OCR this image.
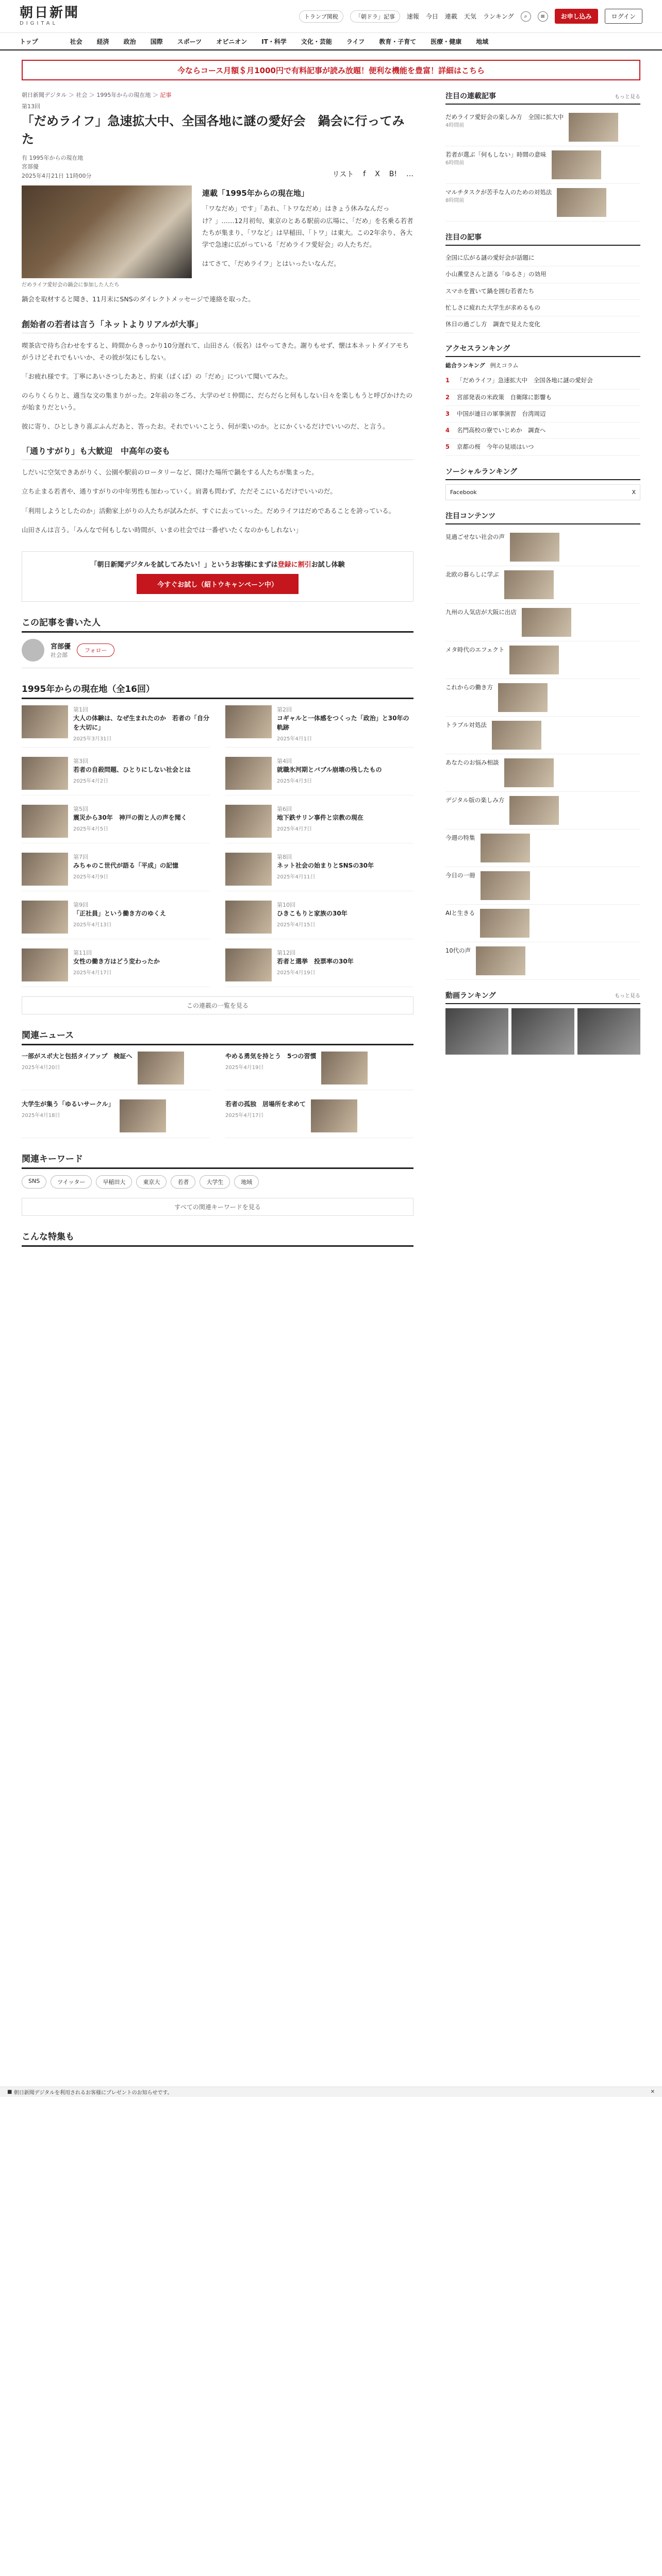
朝日新聞
DIGITAL
トランプ関税	「朝ドラ」記事	速報 今日 連載 天気 ランキング	⌕	≡	お申し込み	ログイン
トップ	社会 経済 政治 国際 スポーツ オピニオン IT・科学 文化・芸能 ライフ 教育・子育て 医療・健康 地域
今ならコース月額＄月1000円で有料記事が読み放題！便利な機能を豊富！詳細はこちら
朝日新聞デジタル ＞ 社会 ＞ 1995年からの現在地 ＞ 記事
第13回
「だめライフ」急速拡大中、全国各地に謎の愛好会　鍋会に行ってみた
有 1995年からの現在地
宮部優
2025年4月21日 11時00分	リスト f X B! …
だめライフ愛好会の鍋会に参加した人たち
連載「1995年からの現在地」

「ワなだめ」です」「あれ、「トワなだめ」はきょう休みなんだっけ？」……12月初旬、東京のとある駅前の広場に、「だめ」を名乗る若者たちが集まり、「ワなど」は早稲田、「トワ」は東大。この2年余り、各大学で急速に広がっている「だめライフ愛好会」の人たちだ。

はてさて、「だめライフ」とはいったいなんだ。

鍋会を取材すると聞き、11月末にSNSのダイレクトメッセージで連絡を取った。

創始者の若者は言う「ネットよりリアルが大事」

喫茶店で待ち合わせをすると、時間からきっかり10分遅れて、山田さん（仮名）はやってきた。謝りもせず、懐は本ネットダイアモちがうけどそれでもいいか、その彼が気にもしない。

「お疲れ様です。丁寧にあいさつしたあと、約束（ぱくぱ）の「だめ」について聞いてみた。

のらりくらりと、適当な文の集まりがった。2年前の冬ごろ、大学のゼミ仲間に、だらだらと何もしない日々を楽しもうと呼びかけたのが始まりだという。

彼に寄り、ひとしきり喜ぶふんだあと、答ったお。それでいいことう、何が楽いのか。とにかくいるだけでいいのだ、と言う。

「通りすがり」も大歓迎　中高年の姿も

しだいに空気できあがりく、公園や駅前のロータリーなど、開けた場所で鍋をする人たちが集まった。

立ち止まる若者や、通りすがりの中年男性も加わっていく。肩書も問わず、ただそこにいるだけでいいのだ。

「利用しようとしたのか」活動家上がりの人たちが試みたが、すぐに去っていった。だめライフはだめであることを誇っている。

山田さんは言う。「みんなで何もしない時間が、いまの社会では一番ぜいたくなのかもしれない」

「朝日新聞デジタルを試してみたい！」というお客様にまずは登録に割引お試し体験

今すぐお試し（紹トウキャンペーン中）
この記事を書いた人
宮部優
社会部
フォロー
1995年からの現在地（全16回）
第1回
大人の体験は、なぜ生まれたのか　若者の「自分を大切に」
2025年3月31日
第2回
コギャルと一体感をつくった「政治」と30年の軌跡
2025年4月1日
第3回
若者の自殺問題、ひとりにしない社会とは
2025年4月2日
第4回
就職氷河期とバブル崩壊の残したもの
2025年4月3日
第5回
震災から30年　神戸の街と人の声を聞く
2025年4月5日
第6回
地下鉄サリン事件と宗教の現在
2025年4月7日
第7回
みちゃのこ世代が語る「平成」の記憶
2025年4月9日
第8回
ネット社会の始まりとSNSの30年
2025年4月11日
第9回
「正社員」という働き方のゆくえ
2025年4月13日
第10回
ひきこもりと家族の30年
2025年4月15日
第11回
女性の働き方はどう変わったか
2025年4月17日
第12回
若者と選挙　投票率の30年
2025年4月19日
この連載の一覧を見る
関連ニュース
一部がスポ大と包括タイアップ　検証へ
2025年4月20日
やめる勇気を持とう　5つの習慣
2025年4月19日
大学生が集う「ゆるいサークル」
2025年4月18日
若者の孤独　居場所を求めて
2025年4月17日
関連キーワード
SNS	ツイッター	早稲田大	東京大	若者	大学生	地域
すべての関連キーワードを見る
こんな特集も
注目の連載記事	もっと見る
だめライフ愛好会の楽しみ方　全国に拡大中
4時間前
若者が選ぶ「何もしない」時間の意味
6時間前
マルチタスクが苦手な人のための対処法
8時間前
注目の記事
全国に広がる謎の愛好会が話題に
小山薫堂さんと語る「ゆるさ」の効用
スマホを置いて鍋を囲む若者たち
忙しさに疲れた大学生が求めるもの
休日の過ごし方　調査で見えた変化
アクセスランキング
総合ランキング 例えコラム
1	「だめライフ」急速拡大中　全国各地に謎の愛好会
2	宮部発表の米政策　自衛隊に影響も
3	中国が連日の軍事演習　台湾周辺
4	名門高校の寮でいじめか　調査へ
5	京都の桜　今年の見頃はいつ
ソーシャルランキング
Facebook	X
注目コンテンツ
見過ごせない社会の声
北欧の暮らしに学ぶ
九州の人気店が大阪に出店
メタ時代のエフェクト
これからの働き方
トラブル対処法
あなたのお悩み相談
デジタル版の楽しみ方
今週の特集
今日の一冊
AIと生きる
10代の声
動画ランキング	もっと見る
■ 朝日新聞デジタルを利用されるお客様にプレゼントのお知らせです。	✕
